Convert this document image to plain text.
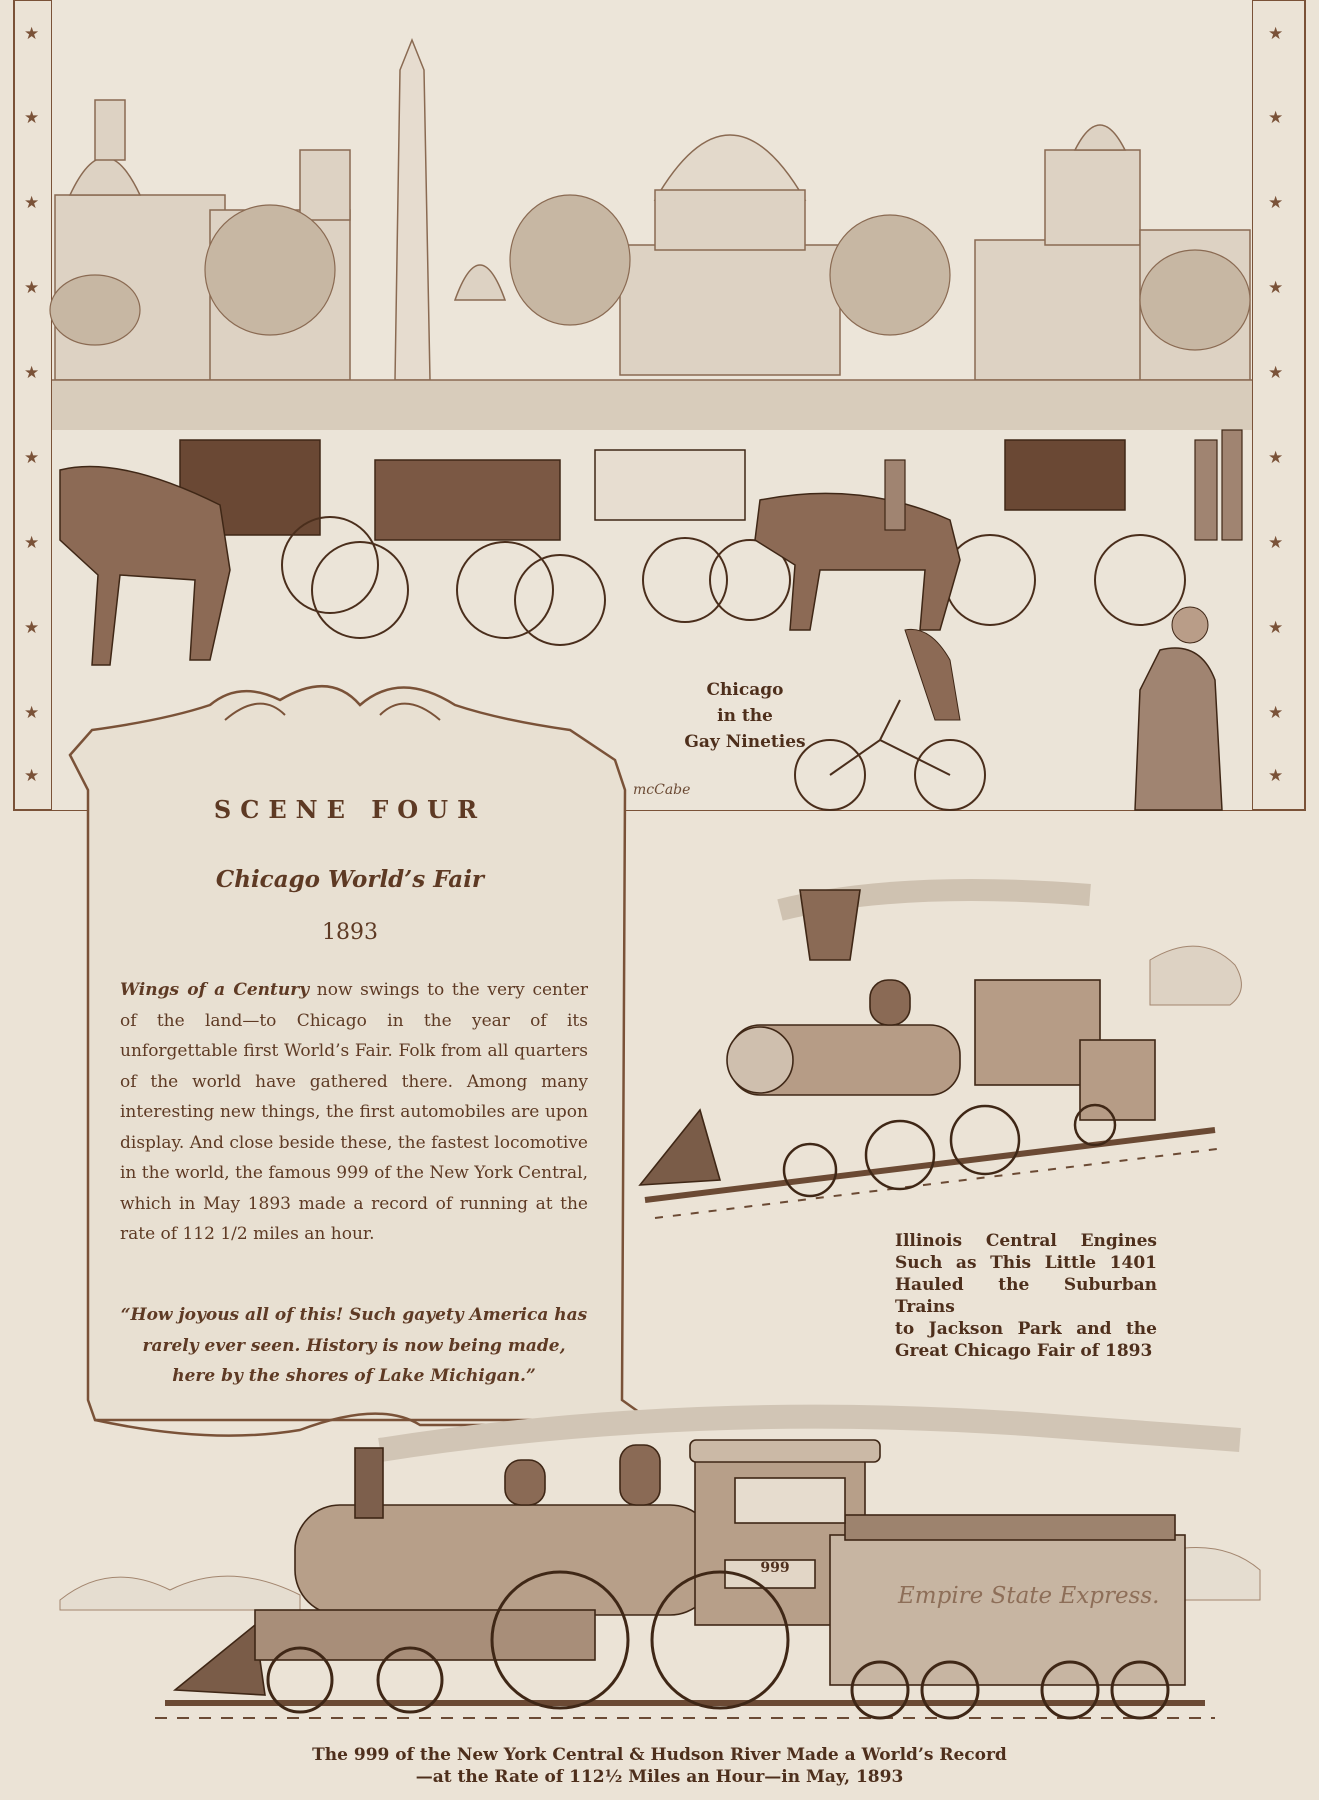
★
★
★
★
★
★
★
★
★
★
★
★
★
★
★
★
★
★
★
★
mcCabe
Empire State Express.
999
SCENE FOUR
Chicago World’s Fair
1893
Wings of a Century now swings to the very center of the land—to Chicago in the year of its unforgettable first World’s Fair. Folk from all quarters of the world have gathered there. Among many interesting new things, the first automobiles are upon display. And close beside these, the fastest locomotive in the world, the famous 999 of the New York Central, which in May 1893 made a record of running at the rate of 112 1/2 miles an hour.
“How joyous all of this! Such gayety America has rarely ever seen. History is now being made, here by the shores of Lake Michigan.”
Chicago
in the
Gay Nineties
Illinois Central Engines
Such as This Little 1401
Hauled the Suburban Trains
to Jackson Park and the
Great Chicago Fair of 1893
The 999 of the New York Central & Hudson River Made a World’s Record
—at the Rate of 112½ Miles an Hour—in May, 1893
